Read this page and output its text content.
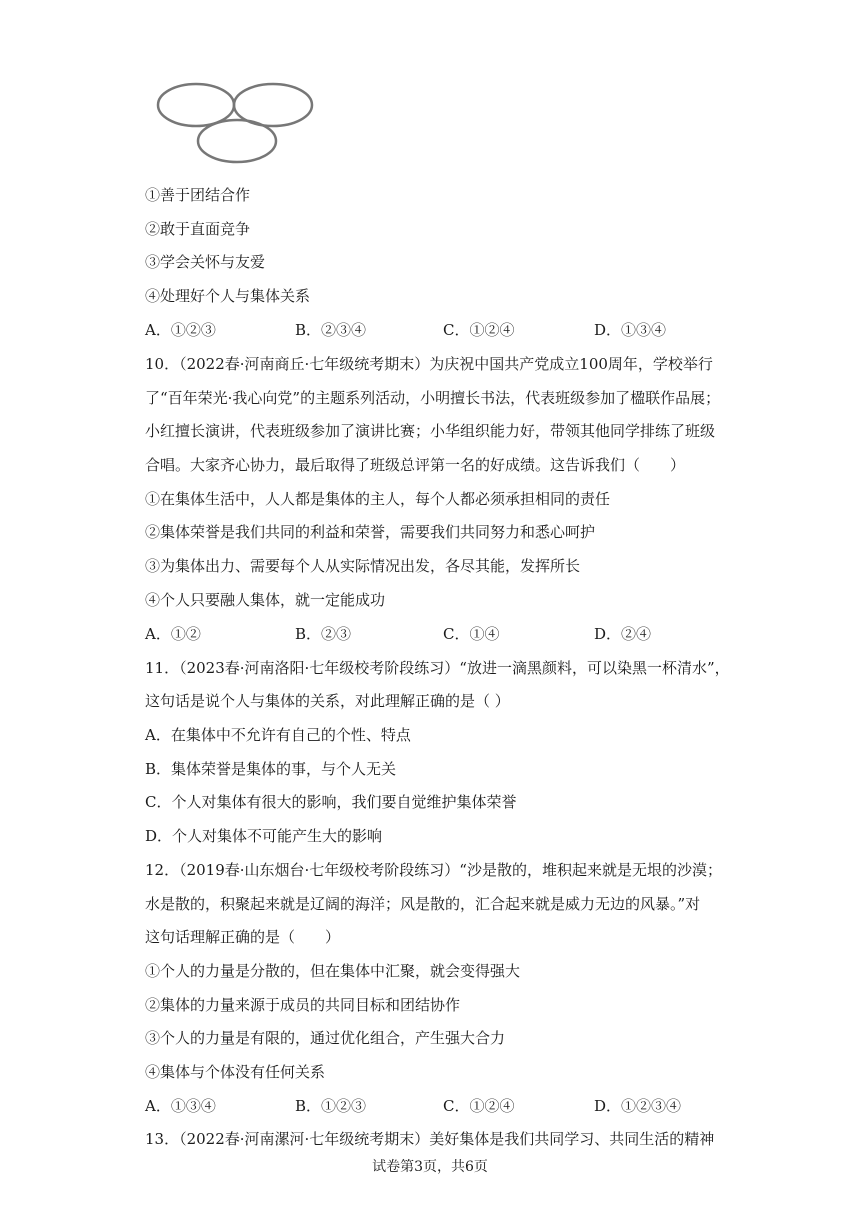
①善于团结合作
②敢于直面竞争
③学会关怀与友爱
④处理好个人与集体关系
A．①②③	B．②③④	C．①②④	D．①③④
10．（2022春·河南商丘·七年级统考期末）为庆祝中国共产党成立100周年，学校举行
了“百年荣光·我心向党”的主题系列活动，小明擅长书法，代表班级参加了楹联作品展；
小红擅长演讲，代表班级参加了演讲比赛；小华组织能力好，带领其他同学排练了班级
合唱。大家齐心协力，最后取得了班级总评第一名的好成绩。这告诉我们（　　）
①在集体生活中，人人都是集体的主人，每个人都必须承担相同的责任
②集体荣誉是我们共同的利益和荣誉，需要我们共同努力和悉心呵护
③为集体出力、需要每个人从实际情况出发，各尽其能，发挥所长
④个人只要融人集体，就一定能成功
A．①②	B．②③	C．①④	D．②④
11．（2023春·河南洛阳·七年级校考阶段练习）“放进一滴黑颜料，可以染黑一杯清水”，
这句话是说个人与集体的关系，对此理解正确的是（ ）
A．在集体中不允许有自己的个性、特点
B．集体荣誉是集体的事，与个人无关
C．个人对集体有很大的影响，我们要自觉维护集体荣誉
D．个人对集体不可能产生大的影响
12．（2019春·山东烟台·七年级校考阶段练习）“沙是散的，堆积起来就是无垠的沙漠；
水是散的，积聚起来就是辽阔的海洋；风是散的，汇合起来就是威力无边的风暴。”对
这句话理解正确的是（　　）
①个人的力量是分散的，但在集体中汇聚，就会变得强大
②集体的力量来源于成员的共同目标和团结协作
③个人的力量是有限的，通过优化组合，产生强大合力
④集体与个体没有任何关系
A．①③④	B．①②③	C．①②④	D．①②③④
13．（2022春·河南漯河·七年级统考期末）美好集体是我们共同学习、共同生活的精神
试卷第3页，共6页
